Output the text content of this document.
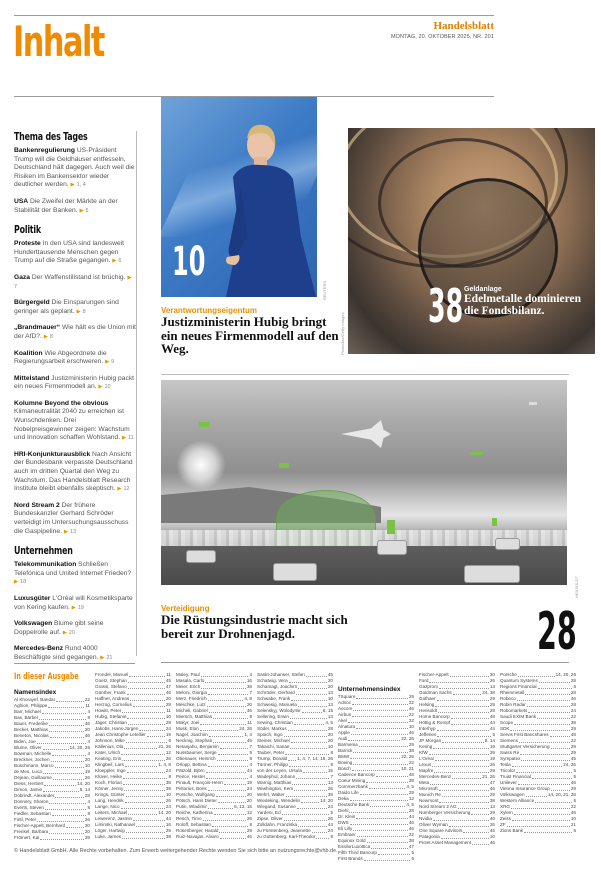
Inhalt	Handelsblatt
MONTAG, 20. OKTOBER 2025, NR. 201
Thema des Tages
Bankenregulierung US-Präsident Trump will die Geldhäuser entfesseln, Deutschland hält dagegen. Auch weil die Risiken im Bankensektor wieder deutlicher werden. ▶ 1, 4
USA Die Zweifel der Märkte an der Stabilität der Banken. ▶ 5
Politik
Proteste In den USA sind landesweit Hunderttausende Menschen gegen Trump auf die Straße gegangen. ▶ 6
Gaza Der Waffenstillstand ist brüchig. ▶ 7
Bürgergeld Die Einsparungen sind geringer als geplant. ▶ 8
„Brandmauer“ Wie hält es die Union mit der AfD?. ▶ 8
Koalition Wie Abgeordnete die Regierungsarbeit erschweren. ▶ 9
Mittelstand Justizministerin Hubig packt ein neues Firmenmodell an. ▶ 10
Kolumne Beyond the obvious Klimaneutralität 2040 zu erreichen ist Wunschdenken. Drei Nobelpreisgewinner zeigen: Wachstum und Innovation schaffen Wohlstand. ▶ 11
HRI-Konjunkturausblick Nach Ansicht der Bundesbank verpasste Deutschland auch im dritten Quartal den Weg zu Wachstum. Das Handelsblatt Research Institute bleibt ebenfalls skeptisch. ▶ 12
Nord Stream 2 Der frühere Bundeskanzler Gerhard Schröder verteidigt im Untersuchungsausschuss die Gaspipeline. ▶ 13
Unternehmen
Telekommunikation Schließen Telefónica und United Internet Frieden? ▶ 18
Luxusgüter L'Oréal will Kosmetiksparte von Kering kaufen. ▶ 19
Volkswagen Blume gibt seine Doppelrolle auf. ▶ 20
Mercedes-Benz Rund 4000 Beschäftigte sind gegangen. ▶ 21
10
REUTERS
Verantwortungseigentum
Justizministerin Hubig bringt ein neues Firmenmodell auf den Weg.	Photodisc/Getty Images
38 Geldanlage
Edelmetalle dominieren die Fondsbilanz.
HENSOLDT
Verteidigung
Die Rüstungsindustrie macht sich bereit zur Drohnenjagd.	28
In dieser Ausgabe
Namensindex
Al Khorayef, Bandar	22
Aghion, Philippe	11
Barr, Michael	4
Bas, Bärbel	8
Bauer, Frederike	46
Becker, Matthias	20
Beneton, Nicolas	46
Biden, Joe	4
Blume, Oliver	14, 20, 26
Bowman, Michelle	4
Breckner, Jochen	20
Buschmann, Marco	10
de Meo, Luca	19
Dejean, Guillaume	26
Diess, Herbert	14, 20
Dimon, Jamie	5, 14
Dobrindt, Alexander	28
Donnery, Sharon	4
Everts, Steven	8
Fiedler, Sebastian	8
Fintl, Peter	26
Fischer-Appelt, Bernhard	30
Frenkel, Barbara	20
Frömert, Kai	39
Frondel, Manuel	11
Goetz, Stephan	45
Grassi, Stefano	47
Günther, Frank	46
Haffner, Andreas	20
Herzog, Cornelius	28
Howitt, Peter	11
Hubig, Stefanie	10
Jäger, Christian	28
Jakobs, Hans-Jürgen	24
Jean Christophe Letellier	19
Johnson, Mike	6
Källenius, Ola	21, 26
Kater, Ulrich	12
Keating, Erin	26
Klingbeil, Lars	1, 4, 8
Kloeppler, Inge	24
Klüver, Heike	8
Koch, Florian	38
Körner, Jenny	39
Krings, Günter	10
Lang, Hendrik	26
Lange, Nico	24
Leiters, Michael	14, 20
Lewerenz, Jasmin	44
Liminski, Nathanael	16
Löger, Hartwig	29
Luke, James	38
Maley, Paul	4
Masala, Carlo	16
Meier, Erich	38
Meloni, Giorgia	7
Merz, Friedrich	4, 8
Meschke, Lutz	20
Micheli, Gabriel	46
Miersch, Matthias	8
Mokyr, Joel	11
Musk, Elon	24, 26
Nagel, Joachim	1, 4
Necknig, Stephan	45
Netanjahu, Benjamin	7
Nussbaumer, Serge	5
Obenauer, Heinrich	8
Orlopp, Bettina	4
Pätzold, Björn	44
Peirce, Hester	4
Pinault, François-Henri	19
Pistorius, Boris	24
Porsche, Wolfgang	20
Pötsch, Hans Dieter	20
Putin, Wladimir	6, 13, 15
Reiche, Katherina	12
Resch, Timo	26
Roloff, Sebastian	8
Rosenberger, Harald	29
Ruiz-Navajas, Alvaro	46
Sankt-Johanser, Stefan	45
Schatwig, Vera	20
Schamagl, Joachim	20
Schröder, Gerhard	13
Schwabe, Frank	10
Schwesig, Manuela	13
Selenskyj, Wolodymir	6, 15
Sellering, Erwin	13
Sewing, Christian	4, 5
Söder, Markus	28
Spoich, Ingo	20
Steiner, Michael	20
Takaichi, Sanae	10
Tauber, Peter	8
Trump, Donald 1, 4, 7, 14, 15, 26
Türmer, Philipp	8
von der Leyen, Ursula	15
Wadephul, Johann	7
Warnig, Matthias	13
Washington, Kern	26
Wehrl, Walter	38
Wiedeking, Wendelin	14, 20
Wiegand, Susanne	24
Yardeni, Ed	5
Zipse, Oliver	26
Zolldahn, Franziska	44
zu Fürstenberg, Jeannette	24
zu Guttenberg, Karl-Theodor	8
Unternehmensindex
7Square	29
Adnoc	22
Aecom	46
Airbus	22
Akel	22
Alnatura	10
Apple	46
Audi	22, 26
Barmenia	29
Barrick	38
BMW	22, 26
Boeing	22
Bosch	10, 21
Cadence Bancorp	48
Coeur Mining	38
Commerzbank	4, 5
Daido Life	29
Deka	12
Deutsche Bank	4, 5
Diehl	28
Dr. Klein	44
DWS	46
Eli Lilly	46
Embraer	22
Equinox Gold	38
EssilorLuxottica	47
Fifth Third Bancorp	5
First Brands	5
Fischer-Appelt	30
Ford	26
Gazprom	13
Goldman Sachs	24, 38
Gothaer	29
Helsing	28
Hensoldt	28
Home Bancorp	48
Höttig & Rompf	44
Interhyp	44
Jefferies	5
JP Morgan	5, 14
Kering	19
KfW	39
L'Oréal	19
Lexus	26
Mapfre	29
Mercedes-Benz	21, 26
Meta	47
Microsoft	46
Munich Re	29
Newmont	38
Nord Stream 2 AG	13
Nürnberger Versicherung	29
Nvidia	46
Oliver Wyman	26
One Square Advisors	45
Patagonia	10
Pictet Asset Management	46
Porsche	14, 20, 26
Quantum Systems	28
Regions Financial	5
Rheinmetall	28
Robeco	46
Robin Radar	28
Robomarkets	24
Saudi EXIM Bank	22
Scope	38
SDK	29
Servis First Bancshares	48
Siemens	22
Stuttgarter Versicherung	29
Swiss Re	29
Sympatex	45
Tesla	24, 26
Tricolor	5
Truist Financial	5
Unilever	46
Vienna Insurance Group	29
Volkswagen	14, 20, 21, 26
Western Alliance	5
XRG	22
Xylem	46
Zeiss	10
ZF	21
Zions Bank	5
© Handelsblatt GmbH. Alle Rechte vorbehalten. Zum Erwerb weitergehender Rechte wenden Sie sich bitte an nutzungsrechte@vhb.de.
